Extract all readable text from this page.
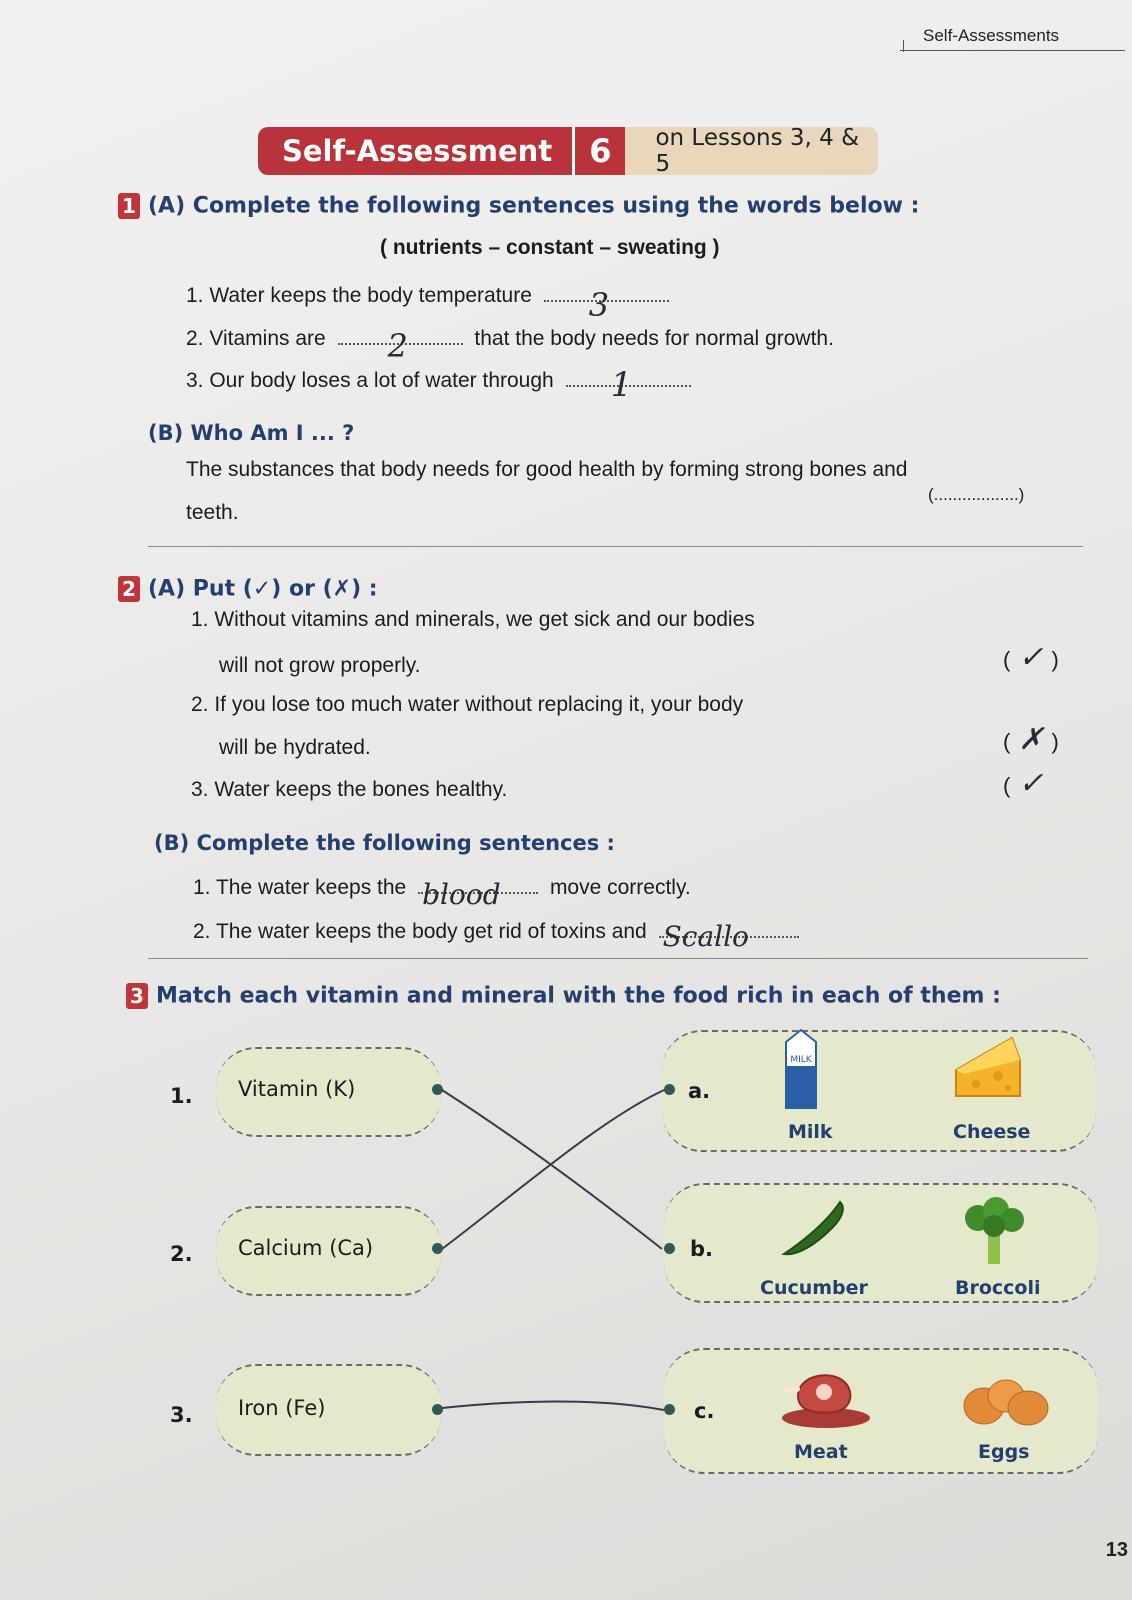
Self-Assessments
Self-Assessment	6	on Lessons 3, 4 & 5
1 (A) Complete the following sentences using the words below :
( nutrients – constant – sweating )
1. Water keeps the body temperature 3
2. Vitamins are 2	that the body needs for normal growth.
3. Our body loses a lot of water through 1
(B) Who Am I ... ?
The substances that body needs for good health by forming strong bones and
teeth.
(..................)
2 (A) Put (✓) or (✗) :
1. Without vitamins and minerals, we get sick and our bodies
will not grow properly.	( ✓ )
2. If you lose too much water without replacing it, your body
will be hydrated.	( ✗ )
3. Water keeps the bones healthy.	( ✓
(B) Complete the following sentences :
1. The water keeps the blood move correctly.
2. The water keeps the body get rid of toxins and Scallo
3 Match each vitamin and mineral with the food rich in each of them :
1. Vitamin (K)
2. Calcium (Ca)
3. Iron (Fe)
a.
MILK
Milk	Cheese
b.
Cucumber	Broccoli
c.
Meat	Eggs
13
